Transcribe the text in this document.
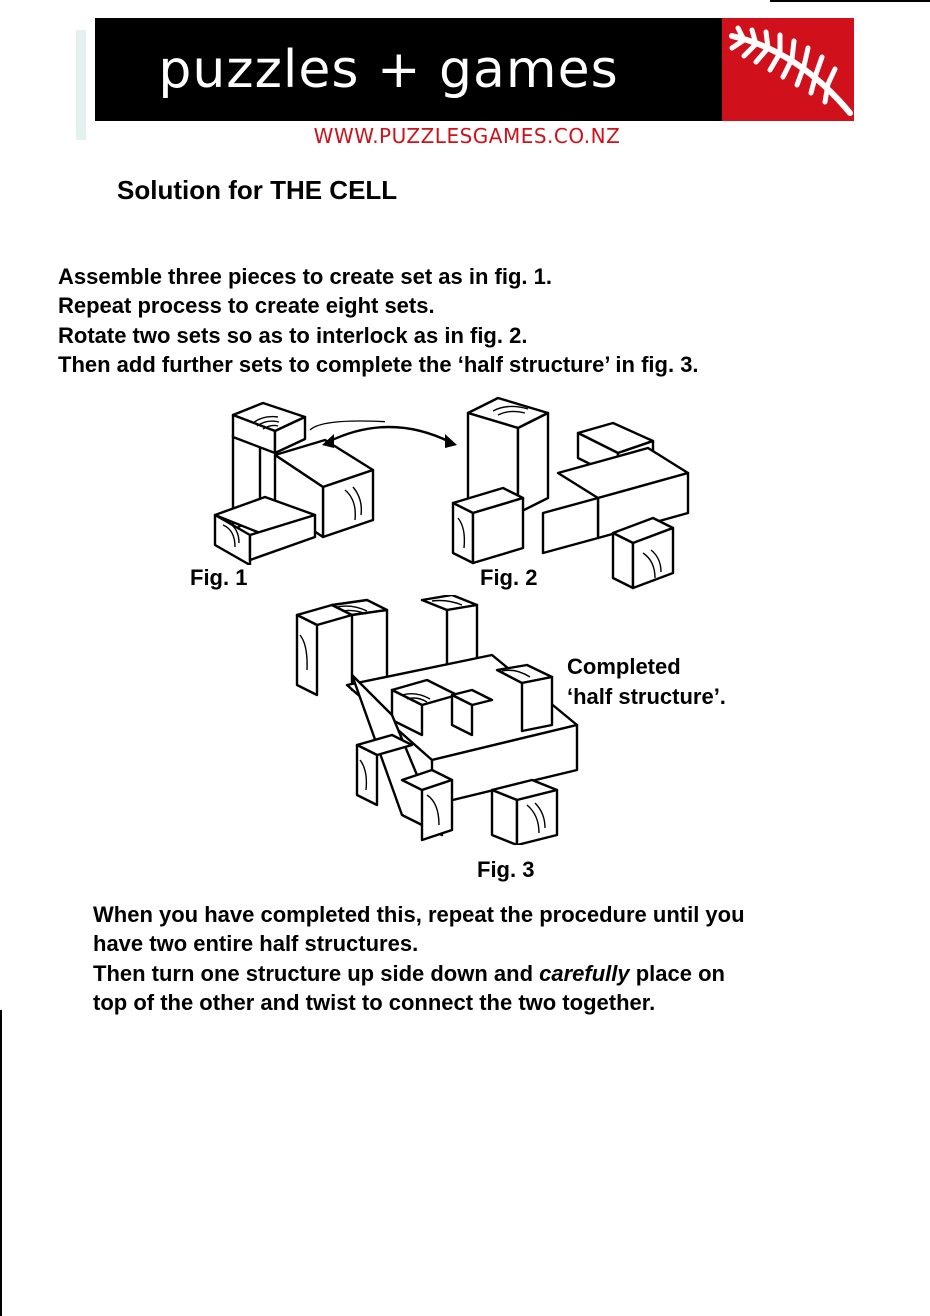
puzzles + games
WWW.PUZZLESGAMES.CO.NZ
Solution for THE CELL
Assemble three pieces to create set as in fig. 1.
Repeat process to create eight sets.
Rotate two sets so as to interlock as in fig. 2.
Then add further sets to complete the ‘half structure’ in fig. 3.
Fig. 1	Fig. 2
Completed
‘half structure’.
Fig. 3
When you have completed this, repeat the procedure until you
have two entire half structures.
Then turn one structure up side down and carefully place on
top of the other and twist to connect the two together.
